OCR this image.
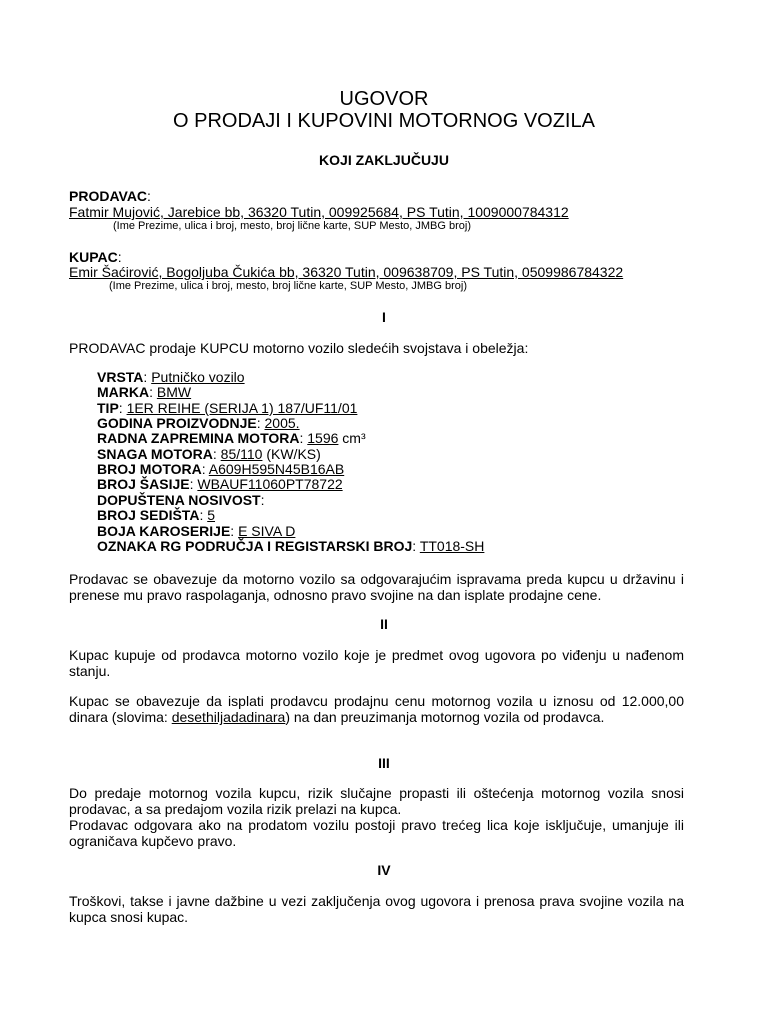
UGOVOR
O PRODAJI I KUPOVINI MOTORNOG VOZILA
KOJI ZAKLJUČUJU
PRODAVAC:
Fatmir Mujović, Jarebice bb, 36320 Tutin, 009925684, PS Tutin, 1009000784312
(Ime Prezime, ulica i broj, mesto, broj lične karte, SUP Mesto, JMBG broj)
KUPAC:
Emir Šaćirović, Bogoljuba Čukića bb, 36320 Tutin, 009638709, PS Tutin, 0509986784322
(Ime Prezime, ulica i broj, mesto, broj lične karte, SUP Mesto, JMBG broj)
I
PRODAVAC prodaje KUPCU motorno vozilo sledećih svojstava i obeležja:
VRSTA: Putničko vozilo
MARKA: BMW
TIP: 1ER REIHE (SERIJA 1) 187/UF11/01
GODINA PROIZVODNJE: 2005.
RADNA ZAPREMINA MOTORA: 1596 cm³
SNAGA MOTORA: 85/110 (KW/KS)
BROJ MOTORA: A609H595N45B16AB
BROJ ŠASIJE: WBAUF11060PT78722
DOPUŠTENA NOSIVOST:
BROJ SEDIŠTA: 5
BOJA KAROSERIJE: E SIVA D
OZNAKA RG PODRUČJA I REGISTARSKI BROJ: TT018-SH
Prodavac se obavezuje da motorno vozilo sa odgovarajućim ispravama preda kupcu u državinu i prenese mu pravo raspolaganja, odnosno pravo svojine na dan isplate prodajne cene.
II
Kupac kupuje od prodavca motorno vozilo koje je predmet ovog ugovora po viđenju u nađenom stanju.
Kupac se obavezuje da isplati prodavcu prodajnu cenu motornog vozila u iznosu od 12.000,00 dinara (slovima: desethiljadadinara) na dan preuzimanja motornog vozila od prodavca.
III
Do predaje motornog vozila kupcu, rizik slučajne propasti ili oštećenja motornog vozila snosi prodavac, a sa predajom vozila rizik prelazi na kupca.
Prodavac odgovara ako na prodatom vozilu postoji pravo trećeg lica koje isključuje, umanjuje ili ograničava kupčevo pravo.
IV
Troškovi, takse i javne dažbine u vezi zaključenja ovog ugovora i prenosa prava svojine vozila na kupca snosi kupac.
